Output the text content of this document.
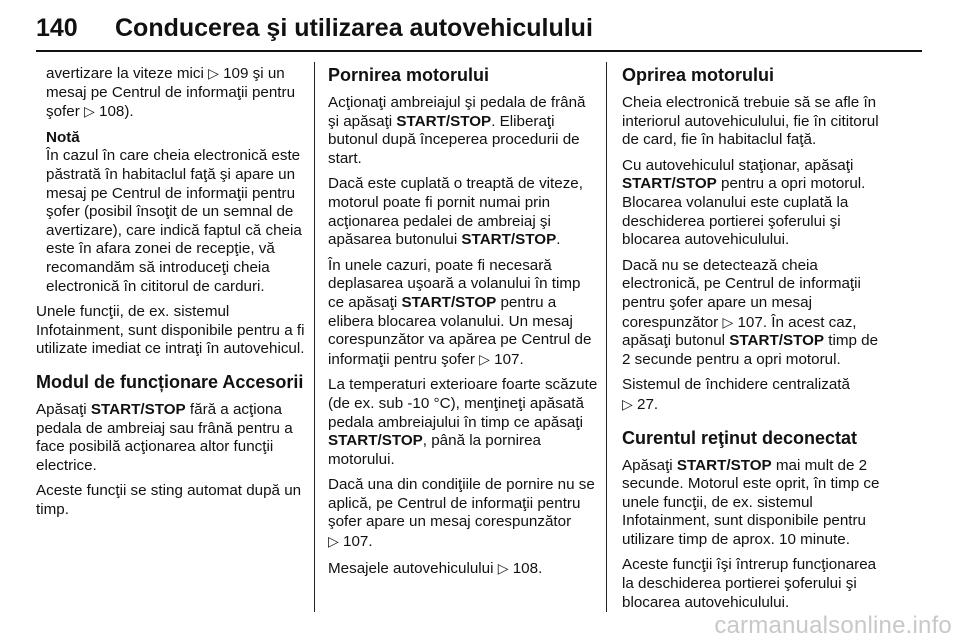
140 Conducerea şi utilizarea autovehiculului

avertizare la viteze mici ▷ 109 şi un mesaj pe Centrul de informaţii pentru şofer ▷ 108).

Notă

În cazul în care cheia electronică este păstrată în habitaclul faţă şi apare un mesaj pe Centrul de informaţii pentru şofer (posibil însoţit de un semnal de avertizare), care indică faptul că cheia este în afara zonei de recepţie, vă recomandăm să introduceţi cheia electronică în cititorul de carduri.

Unele funcţii, de ex. sistemul Infotainment, sunt disponibile pentru a fi utilizate imediat ce intraţi în autovehicul.

Modul de funcționare Accesorii

Apăsaţi START/STOP fără a acţiona pedala de ambreiaj sau frână pentru a face posibilă acţionarea altor funcţii electrice.

Aceste funcţii se sting automat după un timp.

Pornirea motorului

Acţionaţi ambreiajul şi pedala de frână şi apăsaţi START/STOP. Eliberaţi butonul după începerea procedurii de start.

Dacă este cuplată o treaptă de viteze, motorul poate fi pornit numai prin acţionarea pedalei de ambreiaj şi apăsarea butonului START/STOP.

În unele cazuri, poate fi necesară deplasarea uşoară a volanului în timp ce apăsaţi START/STOP pentru a elibera blocarea volanului. Un mesaj corespunzător va apărea pe Centrul de informaţii pentru şofer ▷ 107.

La temperaturi exterioare foarte scăzute (de ex. sub -10 °C), menţineţi apăsată pedala ambreiajului în timp ce apăsaţi START/STOP, până la pornirea motorului.

Dacă una din condiţiile de pornire nu se aplică, pe Centrul de informaţii pentru şofer apare un mesaj corespunzător ▷ 107.

Mesajele autovehiculului ▷ 108.

Oprirea motorului

Cheia electronică trebuie să se afle în interiorul autovehiculului, fie în cititorul de card, fie în habitaclul faţă.

Cu autovehiculul staţionar, apăsaţi START/STOP pentru a opri motorul. Blocarea volanului este cuplată la deschiderea portierei şoferului şi blocarea autovehiculului.

Dacă nu se detectează cheia electronică, pe Centrul de informaţii pentru şofer apare un mesaj corespunzător ▷ 107. În acest caz, apăsaţi butonul START/STOP timp de 2 secunde pentru a opri motorul.

Sistemul de închidere centralizată
▷ 27.

Curentul reţinut deconectat

Apăsaţi START/STOP mai mult de 2 secunde. Motorul este oprit, în timp ce unele funcţii, de ex. sistemul Infotainment, sunt disponibile pentru utilizare timp de aprox. 10 minute.

Aceste funcţii îşi întrerup funcţionarea la deschiderea portierei şoferului şi blocarea autovehiculului.

carmanualsonline.info
